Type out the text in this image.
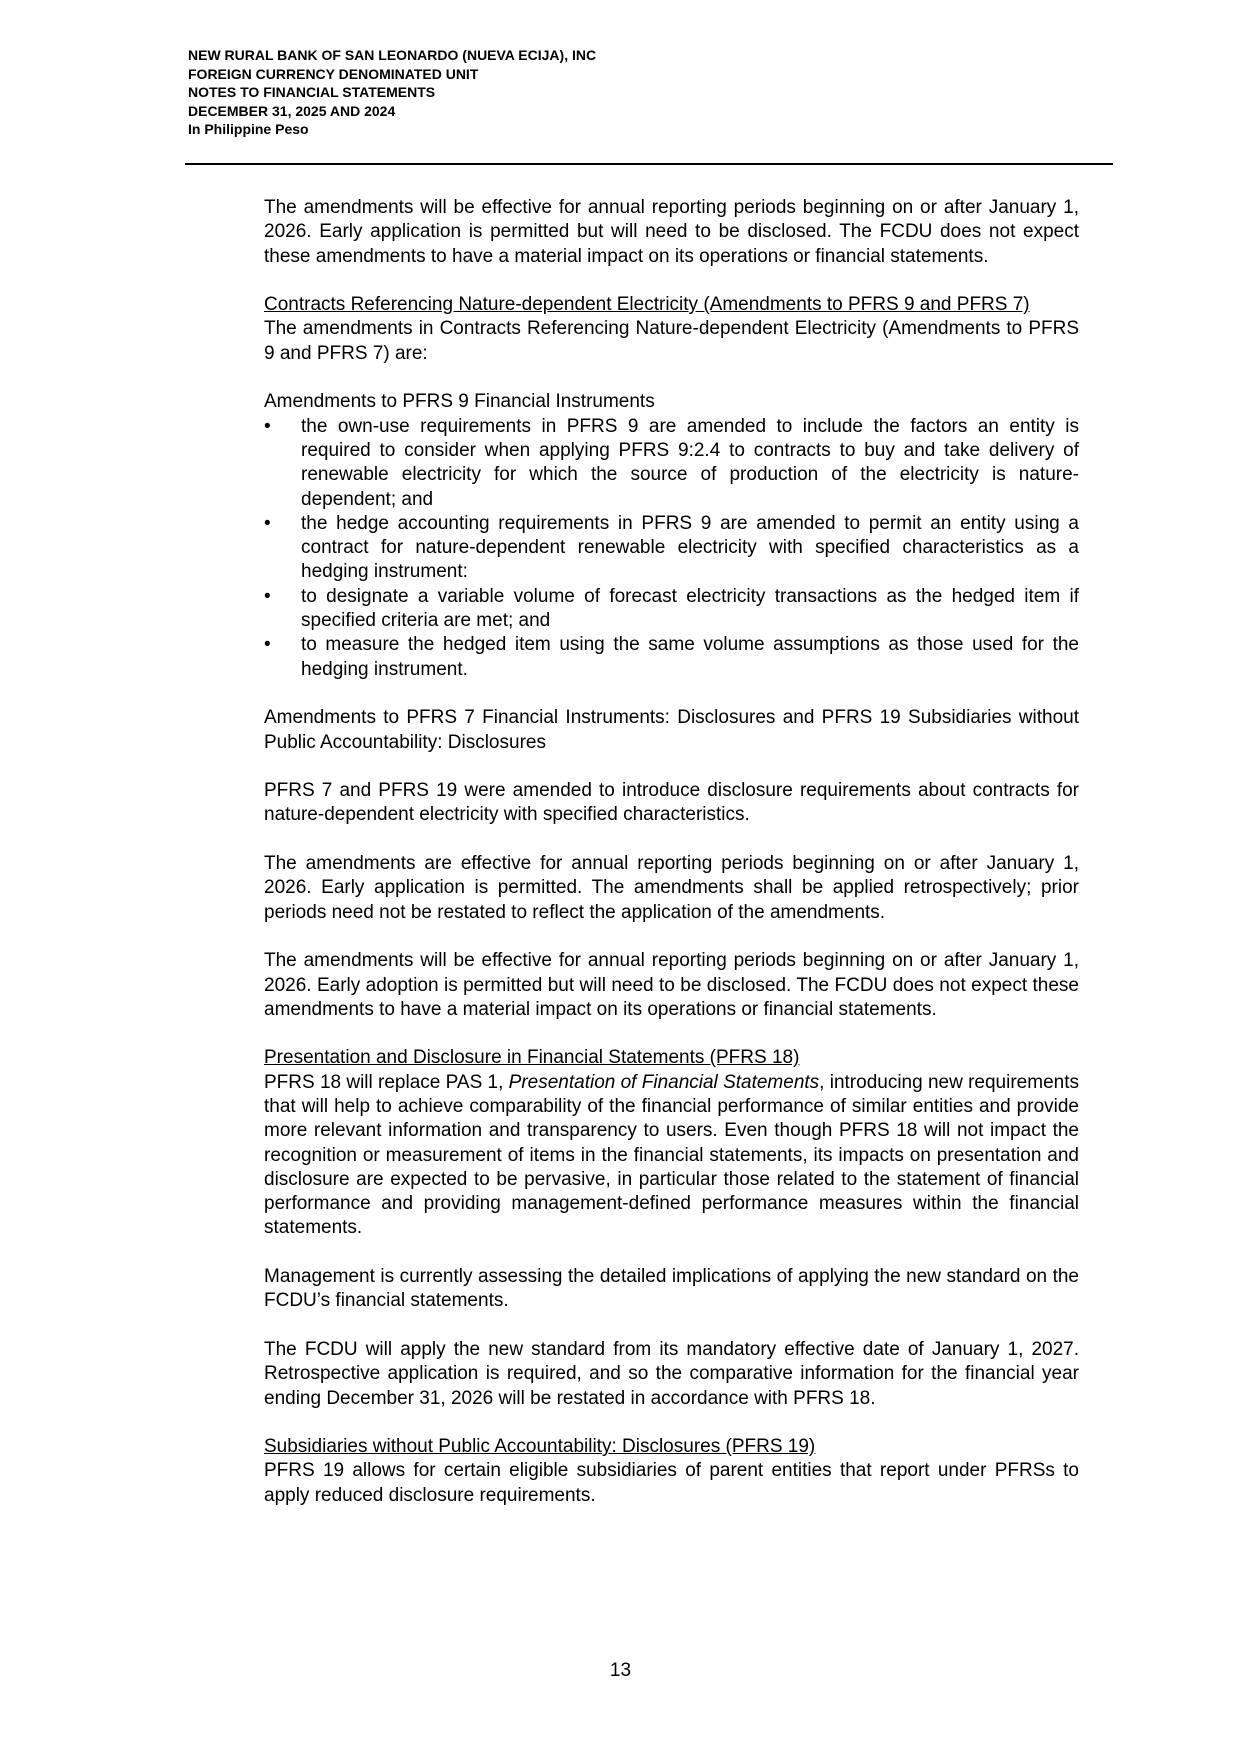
NEW RURAL BANK OF SAN LEONARDO (NUEVA ECIJA), INC
FOREIGN CURRENCY DENOMINATED UNIT
NOTES TO FINANCIAL STATEMENTS
DECEMBER 31, 2025 AND 2024
In Philippine Peso

The amendments will be effective for annual reporting periods beginning on or after January 1, 2026. Early application is permitted but will need to be disclosed. The FCDU does not expect these amendments to have a material impact on its operations or financial statements.

Contracts Referencing Nature-dependent Electricity (Amendments to PFRS 9 and PFRS 7)

The amendments in Contracts Referencing Nature-dependent Electricity (Amendments to PFRS 9 and PFRS 7) are:

Amendments to PFRS 9 Financial Instruments

•	the own-use requirements in PFRS 9 are amended to include the factors an entity is required to consider when applying PFRS 9:2.4 to contracts to buy and take delivery of renewable electricity for which the source of production of the electricity is nature-dependent; and
•	the hedge accounting requirements in PFRS 9 are amended to permit an entity using a contract for nature-dependent renewable electricity with specified characteristics as a hedging instrument:
•	to designate a variable volume of forecast electricity transactions as the hedged item if specified criteria are met; and
•	to measure the hedged item using the same volume assumptions as those used for the hedging instrument.

Amendments to PFRS 7 Financial Instruments: Disclosures and PFRS 19 Subsidiaries without Public Accountability: Disclosures

PFRS 7 and PFRS 19 were amended to introduce disclosure requirements about contracts for nature-dependent electricity with specified characteristics.

The amendments are effective for annual reporting periods beginning on or after January 1, 2026. Early application is permitted. The amendments shall be applied retrospectively; prior periods need not be restated to reflect the application of the amendments.

The amendments will be effective for annual reporting periods beginning on or after January 1, 2026. Early adoption is permitted but will need to be disclosed. The FCDU does not expect these amendments to have a material impact on its operations or financial statements.

Presentation and Disclosure in Financial Statements (PFRS 18)

PFRS 18 will replace PAS 1, Presentation of Financial Statements, introducing new requirements that will help to achieve comparability of the financial performance of similar entities and provide more relevant information and transparency to users. Even though PFRS 18 will not impact the recognition or measurement of items in the financial statements, its impacts on presentation and disclosure are expected to be pervasive, in particular those related to the statement of financial performance and providing management-defined performance measures within the financial statements.

Management is currently assessing the detailed implications of applying the new standard on the FCDU’s financial statements.

The FCDU will apply the new standard from its mandatory effective date of January 1, 2027. Retrospective application is required, and so the comparative information for the financial year ending December 31, 2026 will be restated in accordance with PFRS 18.

Subsidiaries without Public Accountability: Disclosures (PFRS 19)

PFRS 19 allows for certain eligible subsidiaries of parent entities that report under PFRSs to apply reduced disclosure requirements.

13
